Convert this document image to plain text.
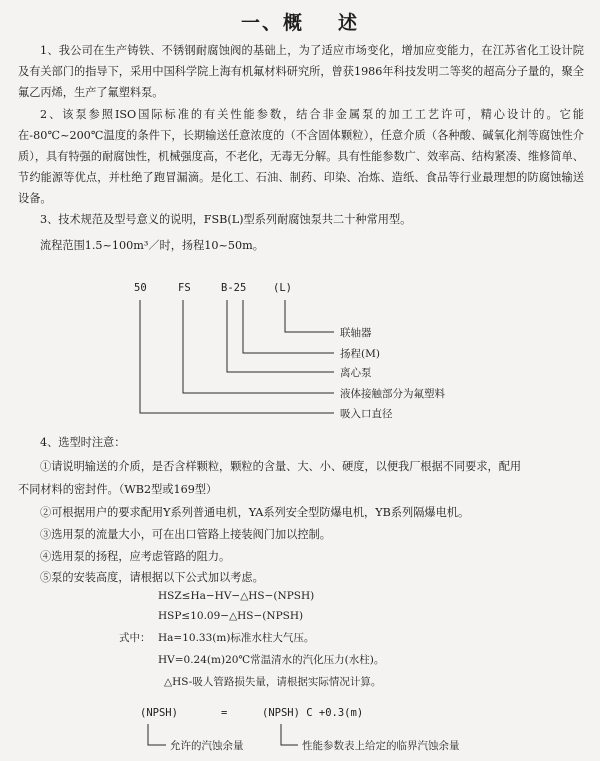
一、概 述

1、我公司在生产铸铁、不锈钢耐腐蚀阀的基础上，为了适应市场变化，增加应变能力，在江苏省化工设计院及有关部门的指导下，采用中国科学院上海有机氟材料研究所，曾获1986年科技发明二等奖的超高分子量的，聚全氟乙丙烯，生产了氟塑料泵。

2、该泵参照ISO国际标准的有关性能参数，结合非金属泵的加工工艺许可，精心设计的。它能在-80℃~200℃温度的条件下，长期输送任意浓度的（不含固体颗粒），任意介质（各种酸、碱氧化剂等腐蚀性介质），具有特强的耐腐蚀性，机械强度高，不老化，无毒无分解。具有性能参数广、效率高、结构紧凑、维修简单、节约能源等优点，并杜绝了跑冒漏滴。是化工、石油、制药、印染、冶炼、造纸、食品等行业最理想的防腐蚀输送设备。

3、技术规范及型号意义的说明，FSB(L)型系列耐腐蚀泵共二十种常用型。

流程范围1.5~100m³／时，扬程10~50m。

50	FS	B-25	(L)
联轴器
扬程(M)
离心泵
液体接触部分为氟塑料
吸入口直径

4、选型时注意：

①请说明输送的介质，是否含样颗粒，颗粒的含量、大、小、硬度，以便我厂根据不同要求，配用

不同材料的密封件。（WB2型或169型）

②可根据用户的要求配用Y系列普通电机，YA系列安全型防爆电机，YB系列隔爆电机。

③选用泵的流量大小，可在出口管路上接装阀门加以控制。

④选用泵的扬程，应考虑管路的阻力。

⑤泵的安装高度，请根据以下公式加以考虑。

HSZ≤Ha−HV−△HS−(NPSH)
HSP≤10.09−△HS−(NPSH)
式中： Ha=10.33(m)标准水柱大气压。
HV=0.24(m)20℃常温清水的汽化压力(水柱)。
△HS-吸人管路损失量，请根据实际情况计算。
(NPSH)	=	(NPSH) C +0.3(m)
允许的汽蚀余量	性能参数表上给定的临界汽蚀余量
